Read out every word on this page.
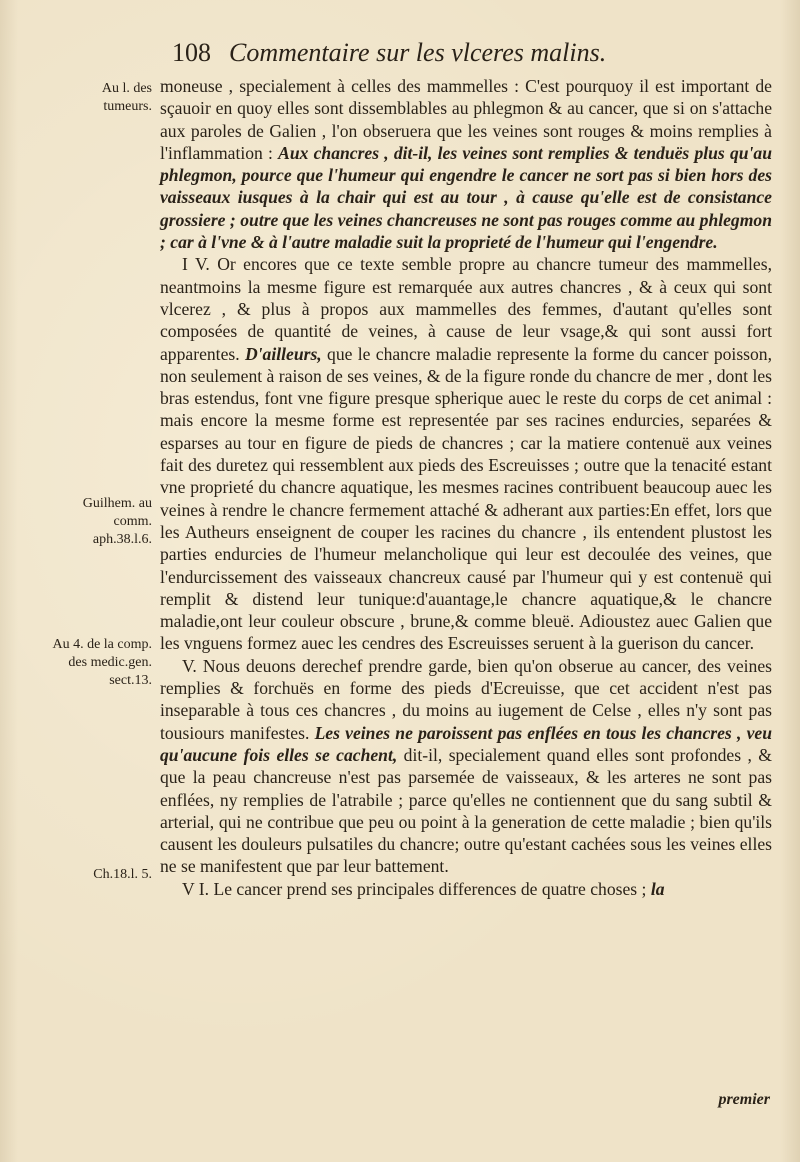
108 Commentaire sur les vlceres malins.
Au l. des tumeurs.
Guilhem. au comm. aph.38.l.6.
Au 4. de la comp. des medic.gen. sect.13.
Ch.18.l. 5.

moneuse , specialement à celles des mammelles : C'est pourquoy il est important de sçauoir en quoy elles sont dissemblables au phlegmon & au cancer, que si on s'attache aux paroles de Galien , l'on obseruera que les veines sont rouges & moins remplies à l'inflammation : Aux chancres , dit-il, les veines sont remplies & tenduës plus qu'au phlegmon, pource que l'humeur qui engendre le cancer ne sort pas si bien hors des vaisseaux iusques à la chair qui est au tour , à cause qu'elle est de consistance grossiere ; outre que les veines chancreuses ne sont pas rouges comme au phlegmon ; car à l'vne & à l'autre maladie suit la proprieté de l'humeur qui l'engendre.

I V. Or encores que ce texte semble propre au chancre tumeur des mammelles, neantmoins la mesme figure est remarquée aux autres chancres , & à ceux qui sont vlcerez , & plus à propos aux mammelles des femmes, d'autant qu'elles sont composées de quantité de veines, à cause de leur vsage,& qui sont aussi fort apparentes. D'ailleurs, que le chancre maladie represente la forme du cancer poisson, non seulement à raison de ses veines, & de la figure ronde du chancre de mer , dont les bras estendus, font vne figure presque spherique auec le reste du corps de cet animal : mais encore la mesme forme est representée par ses racines endurcies, separées & esparses au tour en figure de pieds de chancres ; car la matiere contenuë aux veines fait des duretez qui ressemblent aux pieds des Escreuisses ; outre que la tenacité estant vne proprieté du chancre aquatique, les mesmes racines contribuent beaucoup auec les veines à rendre le chancre fermement attaché & adherant aux parties:En effet, lors que les Autheurs enseignent de couper les racines du chancre , ils entendent plustost les parties endurcies de l'humeur melancholique qui leur est decoulée des veines, que l'endurcissement des vaisseaux chancreux causé par l'humeur qui y est contenuë qui remplit & distend leur tunique:d'auantage,le chancre aquatique,& le chancre maladie,ont leur couleur obscure , brune,& comme bleuë. Adioustez auec Galien que les vnguens formez auec les cendres des Escreuisses seruent à la guerison du cancer.

V. Nous deuons derechef prendre garde, bien qu'on obserue au cancer, des veines remplies & forchuës en forme des pieds d'Ecreuisse, que cet accident n'est pas inseparable à tous ces chancres , du moins au iugement de Celse , elles n'y sont pas tousiours manifestes. Les veines ne paroissent pas enflées en tous les chancres , veu qu'aucune fois elles se cachent, dit-il, specialement quand elles sont profondes , & que la peau chancreuse n'est pas parsemée de vaisseaux, & les arteres ne sont pas enflées, ny remplies de l'atrabile ; parce qu'elles ne contiennent que du sang subtil & arterial, qui ne contribue que peu ou point à la generation de cette maladie ; bien qu'ils causent les douleurs pulsatiles du chancre; outre qu'estant cachées sous les veines elles ne se manifestent que par leur battement.

V I. Le cancer prend ses principales differences de quatre choses ; la

premier
